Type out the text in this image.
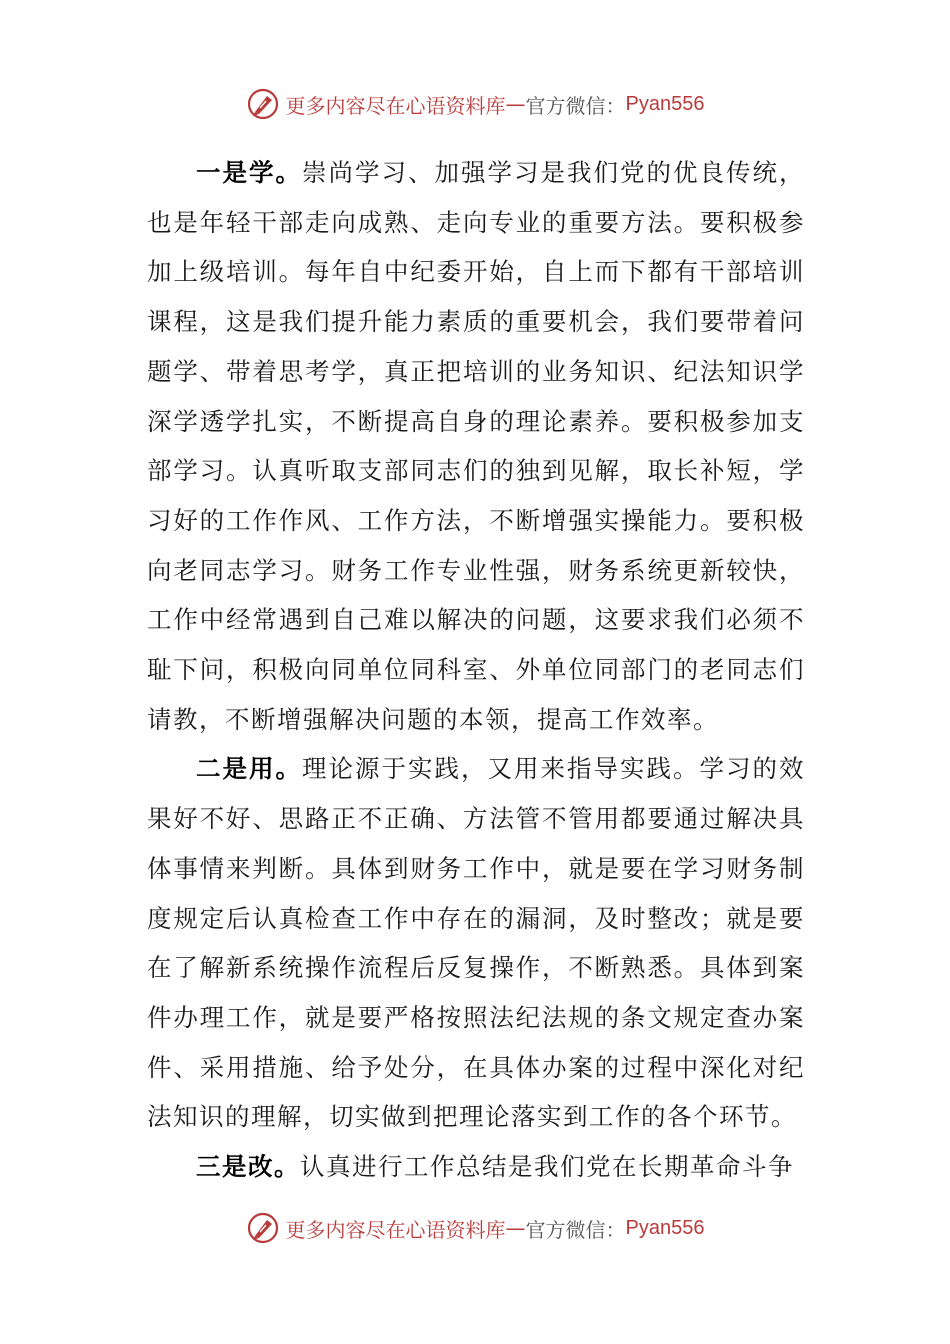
更多内容尽在心语资料库 — 官方微信： Pyan556

一是学。崇尚学习、加强学习是我们党的优良传统，也是年轻干部走向成熟、走向专业的重要方法。要积极参加上级培训。每年自中纪委开始，自上而下都有干部培训课程，这是我们提升能力素质的重要机会，我们要带着问题学、带着思考学，真正把培训的业务知识、纪法知识学深学透学扎实，不断提高自身的理论素养。要积极参加支部学习。认真听取支部同志们的独到见解，取长补短，学习好的工作作风、工作方法，不断增强实操能力。要积极向老同志学习。财务工作专业性强，财务系统更新较快，工作中经常遇到自己难以解决的问题，这要求我们必须不耻下问，积极向同单位同科室、外单位同部门的老同志们请教，不断增强解决问题的本领，提高工作效率。

二是用。理论源于实践，又用来指导实践。学习的效果好不好、思路正不正确、方法管不管用都要通过解决具体事情来判断。具体到财务工作中，就是要在学习财务制度规定后认真检查工作中存在的漏洞，及时整改；就是要在了解新系统操作流程后反复操作，不断熟悉。具体到案件办理工作，就是要严格按照法纪法规的条文规定查办案件、采用措施、给予处分，在具体办案的过程中深化对纪法知识的理解，切实做到把理论落实到工作的各个环节。

三是改。认真进行工作总结是我们党在长期革命斗争

更多内容尽在心语资料库 — 官方微信： Pyan556
